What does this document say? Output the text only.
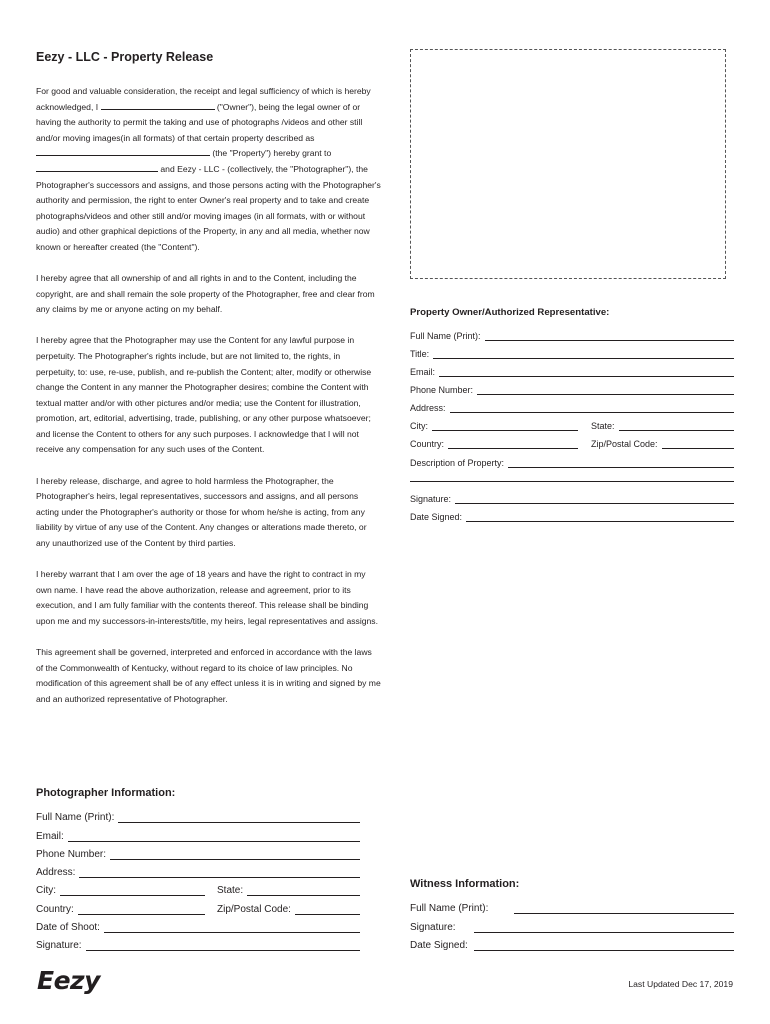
Eezy - LLC - Property Release

For good and valuable consideration, the receipt and legal sufficiency of which is hereby acknowledged, I	("Owner"), being the legal owner of or having the authority to permit the taking and use of photographs /videos and other still and/or moving images(in all formats) of that certain property described as  (the "Property") hereby grant to  and Eezy - LLC - (collectively, the "Photographer"), the Photographer's successors and assigns, and those persons acting with the Photographer's authority and permission, the right to enter Owner's real property and to take and create photographs/videos and other still and/or moving images (in all formats, with or without audio) and other graphical depictions of the Property, in any and all media, whether now known or hereafter created (the "Content").

I hereby agree that all ownership of and all rights in and to the Content, including the copyright, are and shall remain the sole property of the Photographer, free and clear from any claims by me or anyone acting on my behalf.

I hereby agree that the Photographer may use the Content for any lawful purpose in perpetuity. The Photographer's rights include, but are not limited to, the rights, in perpetuity, to: use, re-use, publish, and re-publish the Content; alter, modify or otherwise change the Content in any manner the Photographer desires; combine the Content with textual matter and/or with other pictures and/or media; use the Content for illustration, promotion, art, editorial, advertising, trade, publishing, or any other purpose whatsoever; and license the Content to others for any such purposes. I acknowledge that I will not receive any compensation for any such uses of the Content.

I hereby release, discharge, and agree to hold harmless the Photographer, the Photographer's heirs, legal representatives, successors and assigns, and all persons acting under the Photographer's authority or those for whom he/she is acting, from any liability by virtue of any use of the Content. Any changes or alterations made thereto, or any unauthorized use of the Content by third parties.

I hereby warrant that I am over the age of 18 years and have the right to contract in my own name. I have read the above authorization, release and agreement, prior to its execution, and I am fully familiar with the contents thereof. This release shall be binding upon me and my successors-in-interests/title, my heirs, legal representatives and assigns.

This agreement shall be governed, interpreted and enforced in accordance with the laws of the Commonwealth of Kentucky, without regard to its choice of law principles. No modification of this agreement shall be of any effect unless it is in writing and signed by me and an authorized representative of Photographer.

Property Owner/Authorized Representative:
Full Name (Print):
Title:
Email:
Phone Number:
Address:
City:	State:
Country:	Zip/Postal Code:
Description of Property:
Signature:
Date Signed:
Photographer Information:
Full Name (Print):
Email:
Phone Number:
Address:
City:	State:
Country:	Zip/Postal Code:
Date of Shoot:
Signature:
Witness Information:
Full Name (Print):
Signature:
Date Signed:
Eezy	Last Updated Dec 17, 2019
